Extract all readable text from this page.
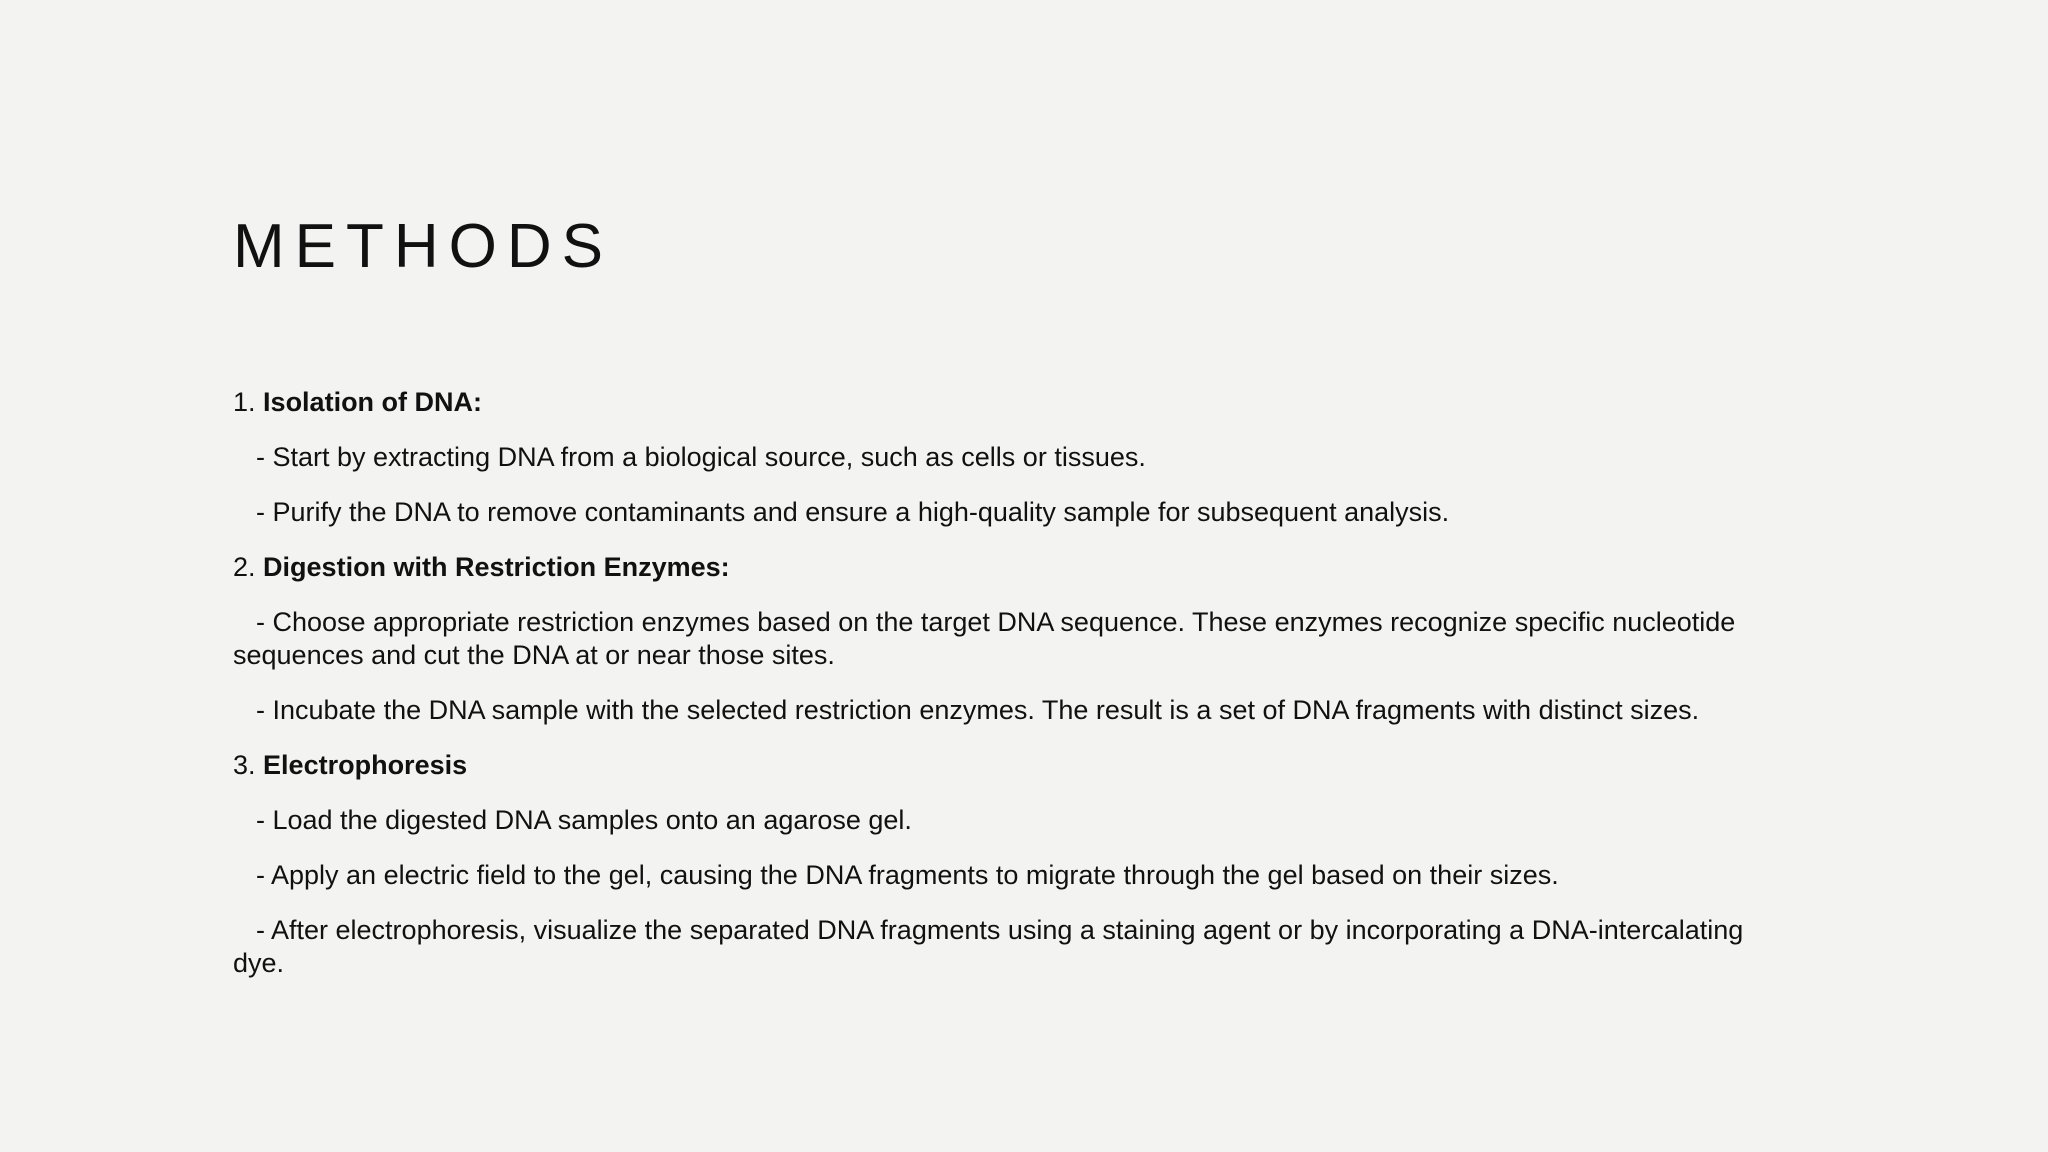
METHODS

1. Isolation of DNA:

- Start by extracting DNA from a biological source, such as cells or tissues.

- Purify the DNA to remove contaminants and ensure a high-quality sample for subsequent analysis.

2. Digestion with Restriction Enzymes:

- Choose appropriate restriction enzymes based on the target DNA sequence. These enzymes recognize specific nucleotide sequences and cut the DNA at or near those sites.

- Incubate the DNA sample with the selected restriction enzymes. The result is a set of DNA fragments with distinct sizes.

3. Electrophoresis

- Load the digested DNA samples onto an agarose gel.

- Apply an electric field to the gel, causing the DNA fragments to migrate through the gel based on their sizes.

- After electrophoresis, visualize the separated DNA fragments using a staining agent or by incorporating a DNA-intercalating dye.
